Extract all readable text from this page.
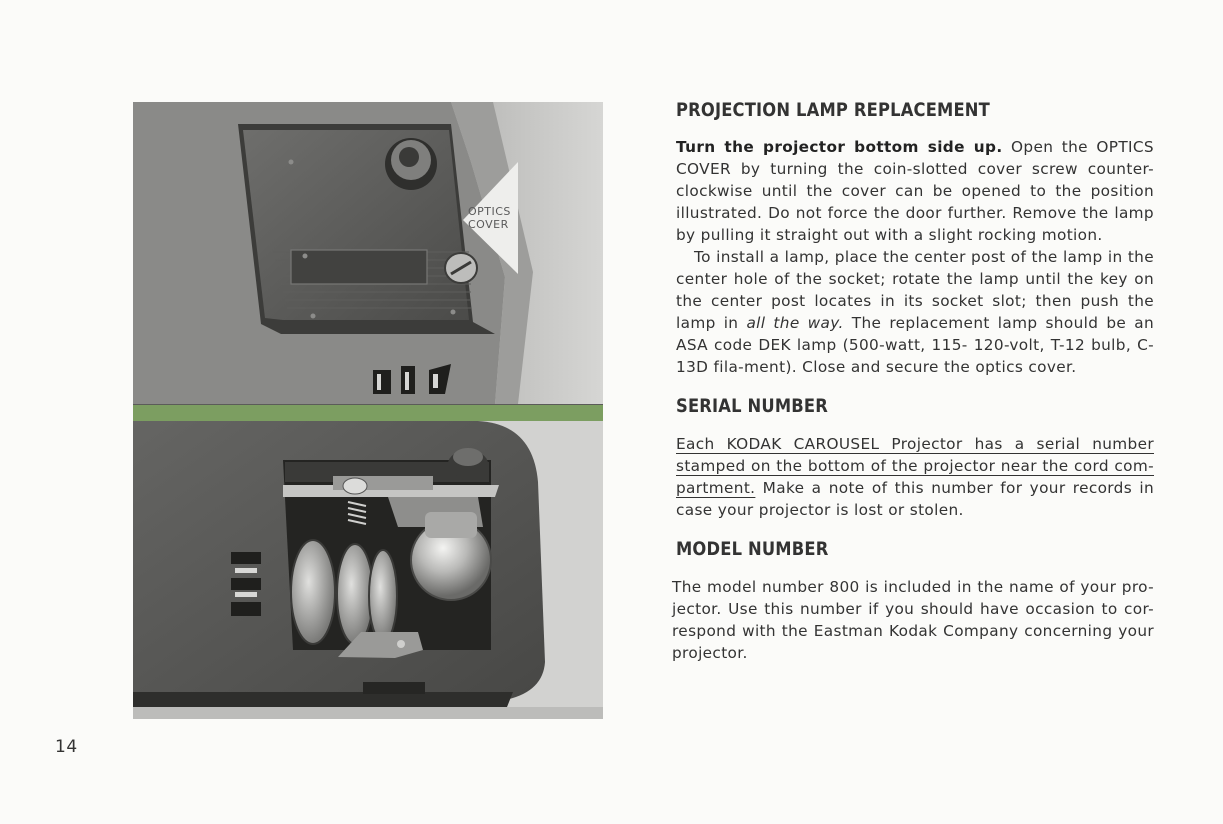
OPTICS
COVER
PROJECTION LAMP REPLACEMENT

Turn the projector bottom side up. Open the OPTICS COVER by turning the coin-slotted cover screw counter-clockwise until the cover can be opened to the position illustrated. Do not force the door further. Remove the lamp by pulling it straight out with a slight rocking motion.

To install a lamp, place the center post of the lamp in the center hole of the socket; rotate the lamp until the key on the center post locates in its socket slot; then push the lamp in all the way. The replacement lamp should be an ASA code DEK lamp (500-watt, 115- 120-volt, T-12 bulb, C-13D fila-ment). Close and secure the optics cover.

SERIAL NUMBER

Each KODAK CAROUSEL Projector has a serial number stamped on the bottom of the projector near the cord com-partment. Make a note of this number for your records in case your projector is lost or stolen.

MODEL NUMBER

The model number 800 is included in the name of your pro-jector. Use this number if you should have occasion to cor-respond with the Eastman Kodak Company concerning your projector.

14
